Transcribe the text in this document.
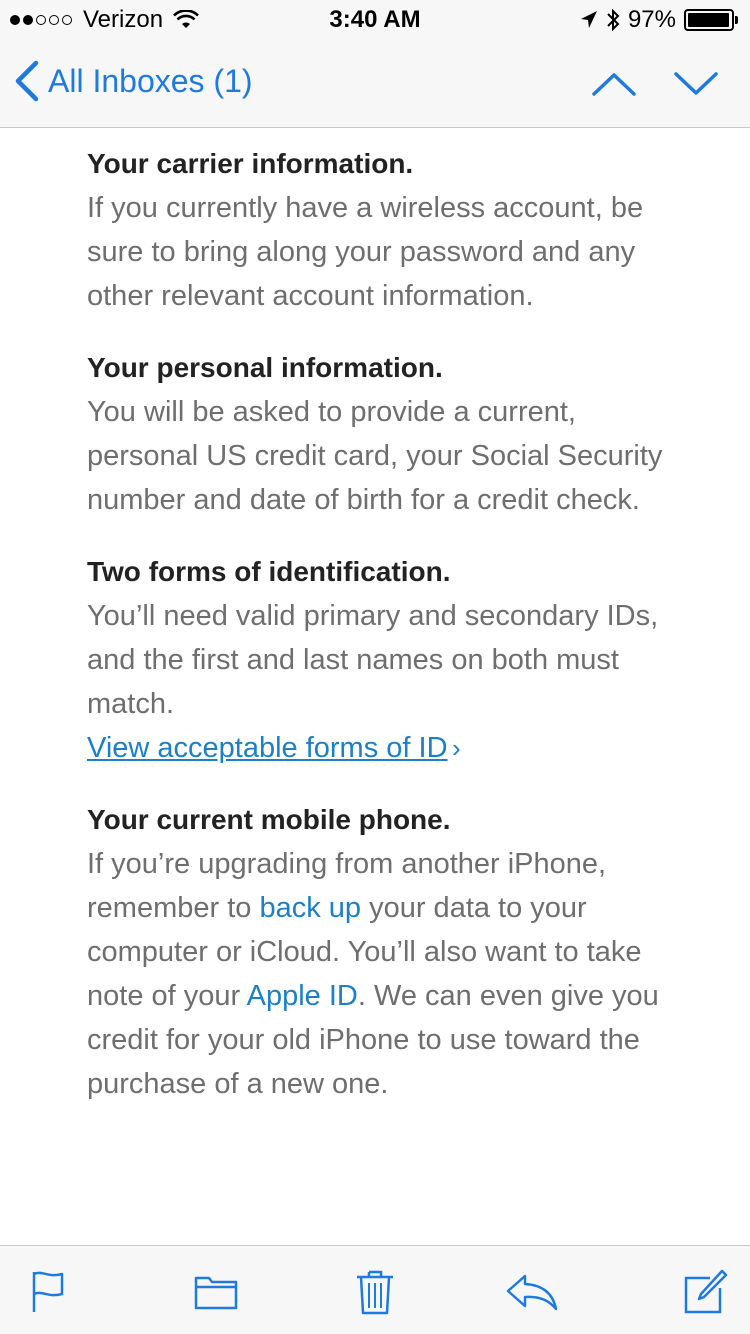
Verizon	3:40 AM	97%
All Inboxes (1)
Your carrier information.
If you currently have a wireless account, be sure to bring along your password and any other relevant account information.
Your personal information.
You will be asked to provide a current, personal US credit card, your Social Security number and date of birth for a credit check.
Two forms of identification.
You’ll need valid primary and secondary IDs, and the first and last names on both must match.
View acceptable forms of ID ›
Your current mobile phone.
If you’re upgrading from another iPhone, remember to back up your data to your computer or iCloud. You’ll also want to take note of your Apple ID. We can even give you credit for your old iPhone to use toward the purchase of a new one.
